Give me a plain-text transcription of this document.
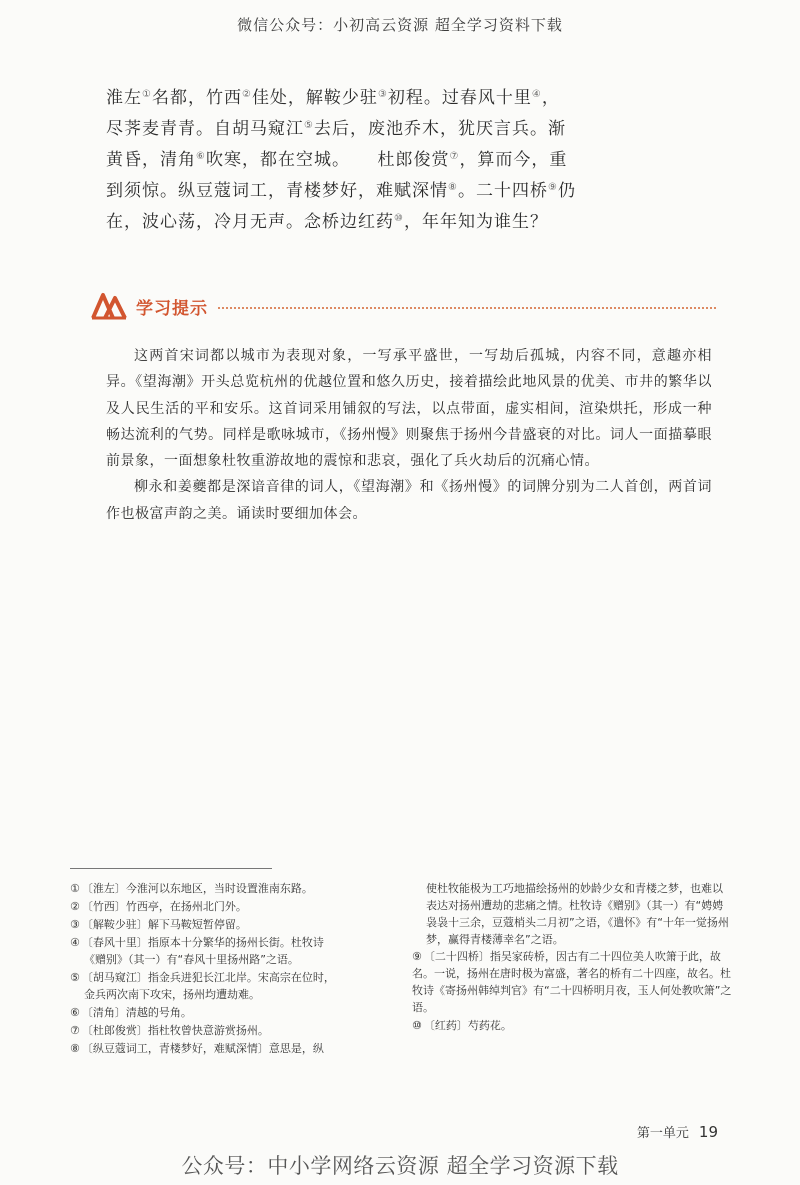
微信公众号：小初高云资源 超全学习资料下载
淮左①名都，竹西②佳处，解鞍少驻③初程。过春风十里④，尽荠麦青青。自胡马窥江⑤去后，废池乔木，犹厌言兵。渐黄昏，清角⑥吹寒，都在空城。　　杜郎俊赏⑦，算而今，重到须惊。纵豆蔻词工，青楼梦好，难赋深情⑧。二十四桥⑨仍在，波心荡，冷月无声。念桥边红药⑩，年年知为谁生？
学习提示

这两首宋词都以城市为表现对象，一写承平盛世，一写劫后孤城，内容不同，意趣亦相异。《望海潮》开头总览杭州的优越位置和悠久历史，接着描绘此地风景的优美、市井的繁华以及人民生活的平和安乐。这首词采用铺叙的写法，以点带面，虚实相间，渲染烘托，形成一种畅达流利的气势。同样是歌咏城市，《扬州慢》则聚焦于扬州今昔盛衰的对比。词人一面描摹眼前景象，一面想象杜牧重游故地的震惊和悲哀，强化了兵火劫后的沉痛心情。

柳永和姜夔都是深谙音律的词人，《望海潮》和《扬州慢》的词牌分别为二人首创，两首词作也极富声韵之美。诵读时要细加体会。

① 〔淮左〕今淮河以东地区，当时设置淮南东路。
② 〔竹西〕竹西亭，在扬州北门外。
③ 〔解鞍少驻〕解下马鞍短暂停留。
④ 〔春风十里〕指原本十分繁华的扬州长街。杜牧诗
《赠别》（其一）有“春风十里扬州路”之语。
⑤ 〔胡马窥江〕指金兵进犯长江北岸。宋高宗在位时，
金兵两次南下攻宋，扬州均遭劫难。
⑥ 〔清角〕清越的号角。
⑦ 〔杜郎俊赏〕指杜牧曾快意游赏扬州。
⑧ 〔纵豆蔻词工，青楼梦好，难赋深情〕意思是，纵
使杜牧能极为工巧地描绘扬州的妙龄少女和青楼之梦，也难以表达对扬州遭劫的悲痛之情。杜牧诗《赠别》（其一）有“娉娉袅袅十三余，豆蔻梢头二月初”之语，《遣怀》有“十年一觉扬州梦，赢得青楼薄幸名”之语。
⑨ 〔二十四桥〕指吴家砖桥，因古有二十四位美人吹箫于此，故名。一说，扬州在唐时极为富盛，著名的桥有二十四座，故名。杜牧诗《寄扬州韩绰判官》有“二十四桥明月夜，玉人何处教吹箫”之语。
⑩ 〔红药〕芍药花。
第一单元 19
公众号：中小学网络云资源 超全学习资源下载
